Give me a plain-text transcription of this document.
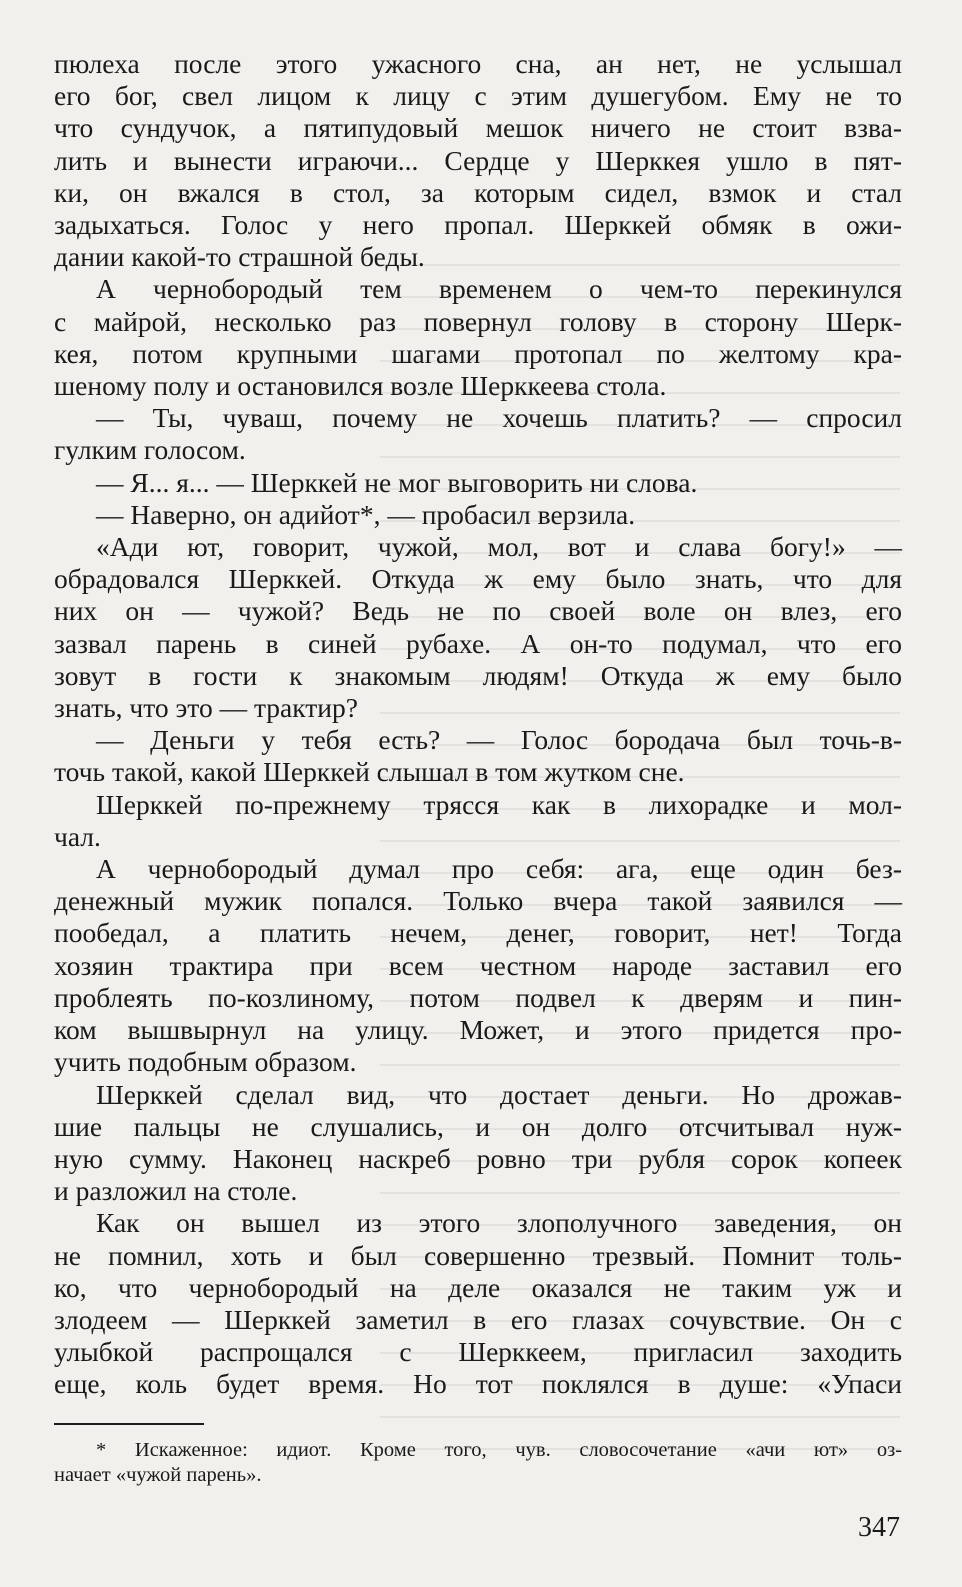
пюлеха после этого ужасного сна, ан нет, не услышал

его бог, свел лицом к лицу с этим душегубом. Ему не то

что сундучок, а пятипудовый мешок ничего не стоит взва-

лить и вынести играючи... Сердце у Шерккея ушло в пят-

ки, он вжался в стол, за которым сидел, взмок и стал

задыхаться. Голос у него пропал. Шерккей обмяк в ожи-

дании какой-то страшной беды.

А чернобородый тем временем о чем-то перекинулся

с майрой, несколько раз повернул голову в сторону Шерк-

кея, потом крупными шагами протопал по желтому кра-

шеному полу и остановился возле Шерккеева стола.

— Ты, чуваш, почему не хочешь платить? — спросил

гулким голосом.

— Я... я... — Шерккей не мог выговорить ни слова.

— Наверно, он адийот*, — пробасил верзила.

«Ади ют, говорит, чужой, мол, вот и слава богу!» —

обрадовался Шерккей. Откуда ж ему было знать, что для

них он — чужой? Ведь не по своей воле он влез, его

зазвал парень в синей рубахе. А он-то подумал, что его

зовут в гости к знакомым людям! Откуда ж ему было

знать, что это — трактир?

— Деньги у тебя есть? — Голос бородача был точь-в-

точь такой, какой Шерккей слышал в том жутком сне.

Шерккей по-прежнему трясся как в лихорадке и мол-

чал.

А чернобородый думал про себя: ага, еще один без-

денежный мужик попался. Только вчера такой заявился —

пообедал, а платить нечем, денег, говорит, нет! Тогда

хозяин трактира при всем честном народе заставил его

проблеять по-козлиному, потом подвел к дверям и пин-

ком вышвырнул на улицу. Может, и этого придется про-

учить подобным образом.

Шерккей сделал вид, что достает деньги. Но дрожав-

шие пальцы не слушались, и он долго отсчитывал нуж-

ную сумму. Наконец наскреб ровно три рубля сорок копеек

и разложил на столе.

Как он вышел из этого злополучного заведения, он

не помнил, хоть и был совершенно трезвый. Помнит толь-

ко, что чернобородый на деле оказался не таким уж и

злодеем — Шерккей заметил в его глазах сочувствие. Он с

улыбкой распрощался с Шерккеем, пригласил заходить

еще, коль будет время. Но тот поклялся в душе: «Упаси

* Искаженное: идиот. Кроме того, чув. словосочетание «ачи ют» оз-

начает «чужой парень».

347
